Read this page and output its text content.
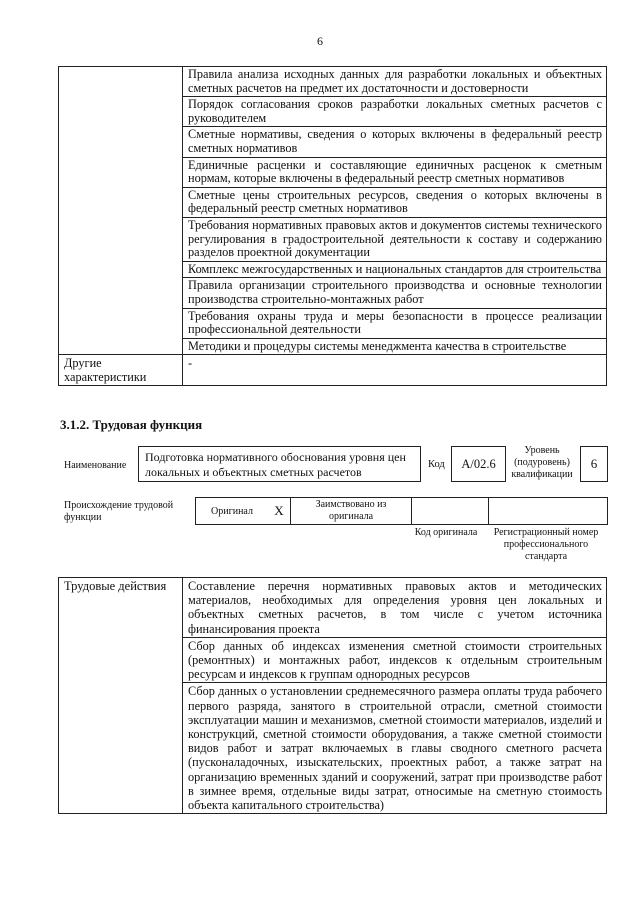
6
	Правила анализа исходных данных для разработки локальных и объектных сметных расчетов на предмет их достаточности и достоверности
	Порядок согласования сроков разработки локальных сметных расчетов с руководителем
	Сметные нормативы, сведения о которых включены в федеральный реестр сметных нормативов
	Единичные расценки и составляющие единичных расценок к сметным нормам, которые включены в федеральный реестр сметных нормативов
	Сметные цены строительных ресурсов, сведения о которых включены в федеральный реестр сметных нормативов
	Требования нормативных правовых актов и документов системы технического регулирования в градостроительной деятельности к составу и содержанию разделов проектной документации
	Комплекс межгосударственных и национальных стандартов для строительства
	Правила организации строительного производства и основные технологии производства строительно-монтажных работ
	Требования охраны труда и меры безопасности в процессе реализации профессиональной деятельности
	Методики и процедуры системы менеджмента качества в строительстве
Другие характеристики	-
3.1.2. Трудовая функция
Наименование
Подготовка нормативного обоснования уровня цен локальных и объектных сметных расчетов
Код	А/02.6
Уровень (подуровень) квалификации
6
Происхождение трудовой функции
Оригинал	X	Заимствовано из оригинала		
Код оригинала	Регистрационный номер профессионального стандарта
Трудовые действия	Составление перечня нормативных правовых актов и методических материалов, необходимых для определения уровня цен локальных и объектных сметных расчетов, в том числе с учетом источника финансирования проекта
Сбор данных об индексах изменения сметной стоимости строительных (ремонтных) и монтажных работ, индексов к отдельным строительным ресурсам и индексов к группам однородных ресурсов
Сбор данных о установлении среднемесячного размера оплаты труда рабочего первого разряда, занятого в строительной отрасли, сметной стоимости эксплуатации машин и механизмов, сметной стоимости материалов, изделий и конструкций, сметной стоимости оборудования, а также сметной стоимости видов работ и затрат включаемых в главы сводного сметного расчета (пусконаладочных, изыскательских, проектных работ, а также затрат на организацию временных зданий и сооружений, затрат при производстве работ в зимнее время, отдельные виды затрат, относимые на сметную стоимость объекта капитального строительства)
